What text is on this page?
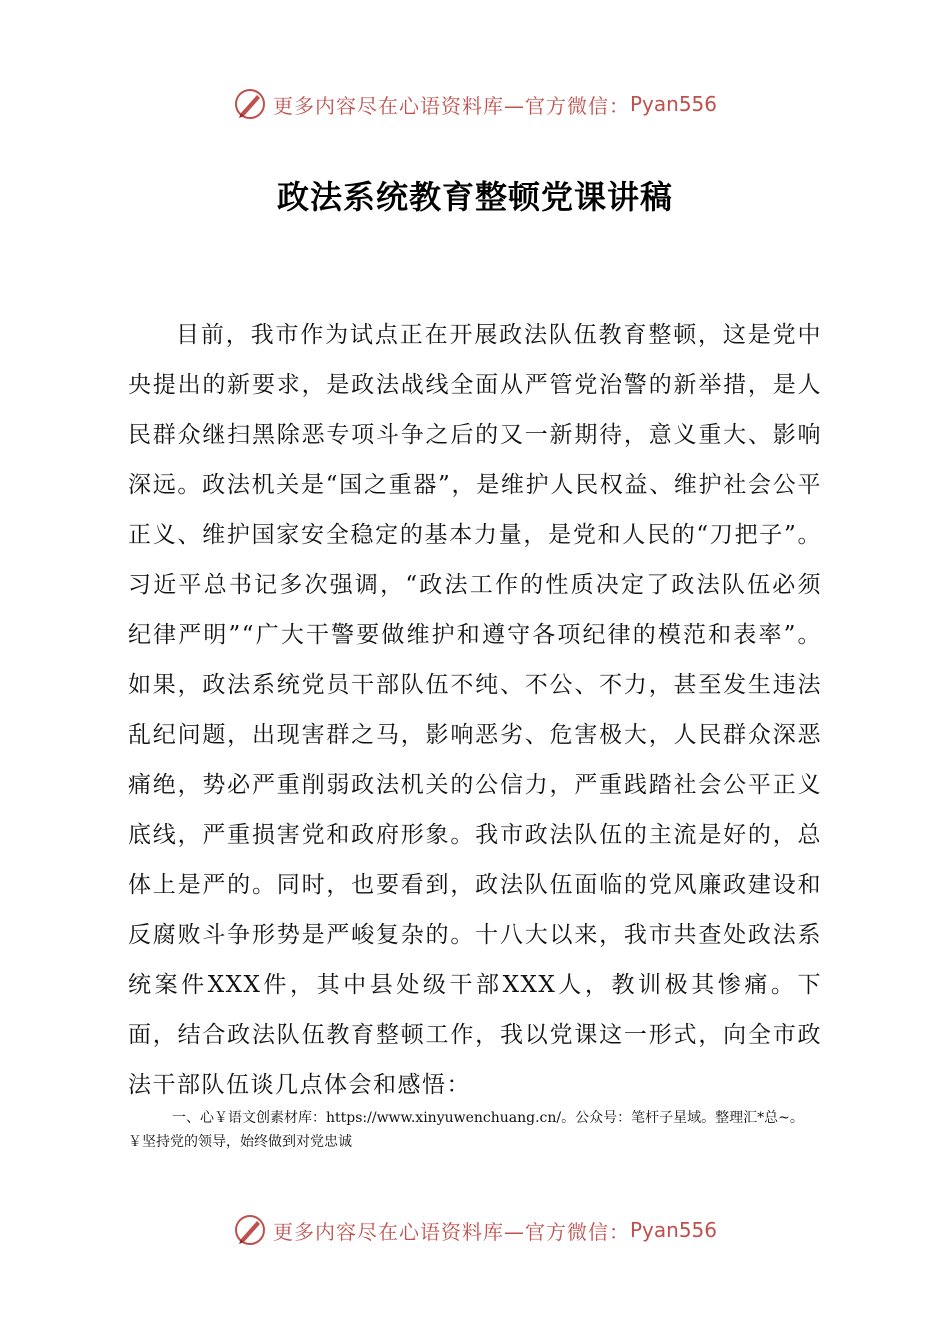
更多内容尽在心语资料库—官方微信： Pyan556
政法系统教育整顿党课讲稿

目前，我市作为试点正在开展政法队伍教育整顿，这是党中央提出的新要求，是政法战线全面从严管党治警的新举措，是人民群众继扫黑除恶专项斗争之后的又一新期待，意义重大、影响深远。政法机关是“国之重器”，是维护人民权益、维护社会公平正义、维护国家安全稳定的基本力量，是党和人民的“刀把子”。习近平总书记多次强调，“政法工作的性质决定了政法队伍必须纪律严明”“广大干警要做维护和遵守各项纪律的模范和表率”。如果，政法系统党员干部队伍不纯、不公、不力，甚至发生违法乱纪问题，出现害群之马，影响恶劣、危害极大，人民群众深恶痛绝，势必严重削弱政法机关的公信力，严重践踏社会公平正义底线，严重损害党和政府形象。我市政法队伍的主流是好的，总体上是严的。同时，也要看到，政法队伍面临的党风廉政建设和反腐败斗争形势是严峻复杂的。十八大以来，我市共查处政法系统案件XXX件，其中县处级干部XXX人，教训极其惨痛。下面，结合政法队伍教育整顿工作，我以党课这一形式，向全市政法干部队伍谈几点体会和感悟：

一、心￥语文创素材库：https://www.xinyuwenchuang.cn/。公众号：笔杆子星域。整理汇*总~。￥坚持党的领导，始终做到对党忠诚

更多内容尽在心语资料库—官方微信： Pyan556
